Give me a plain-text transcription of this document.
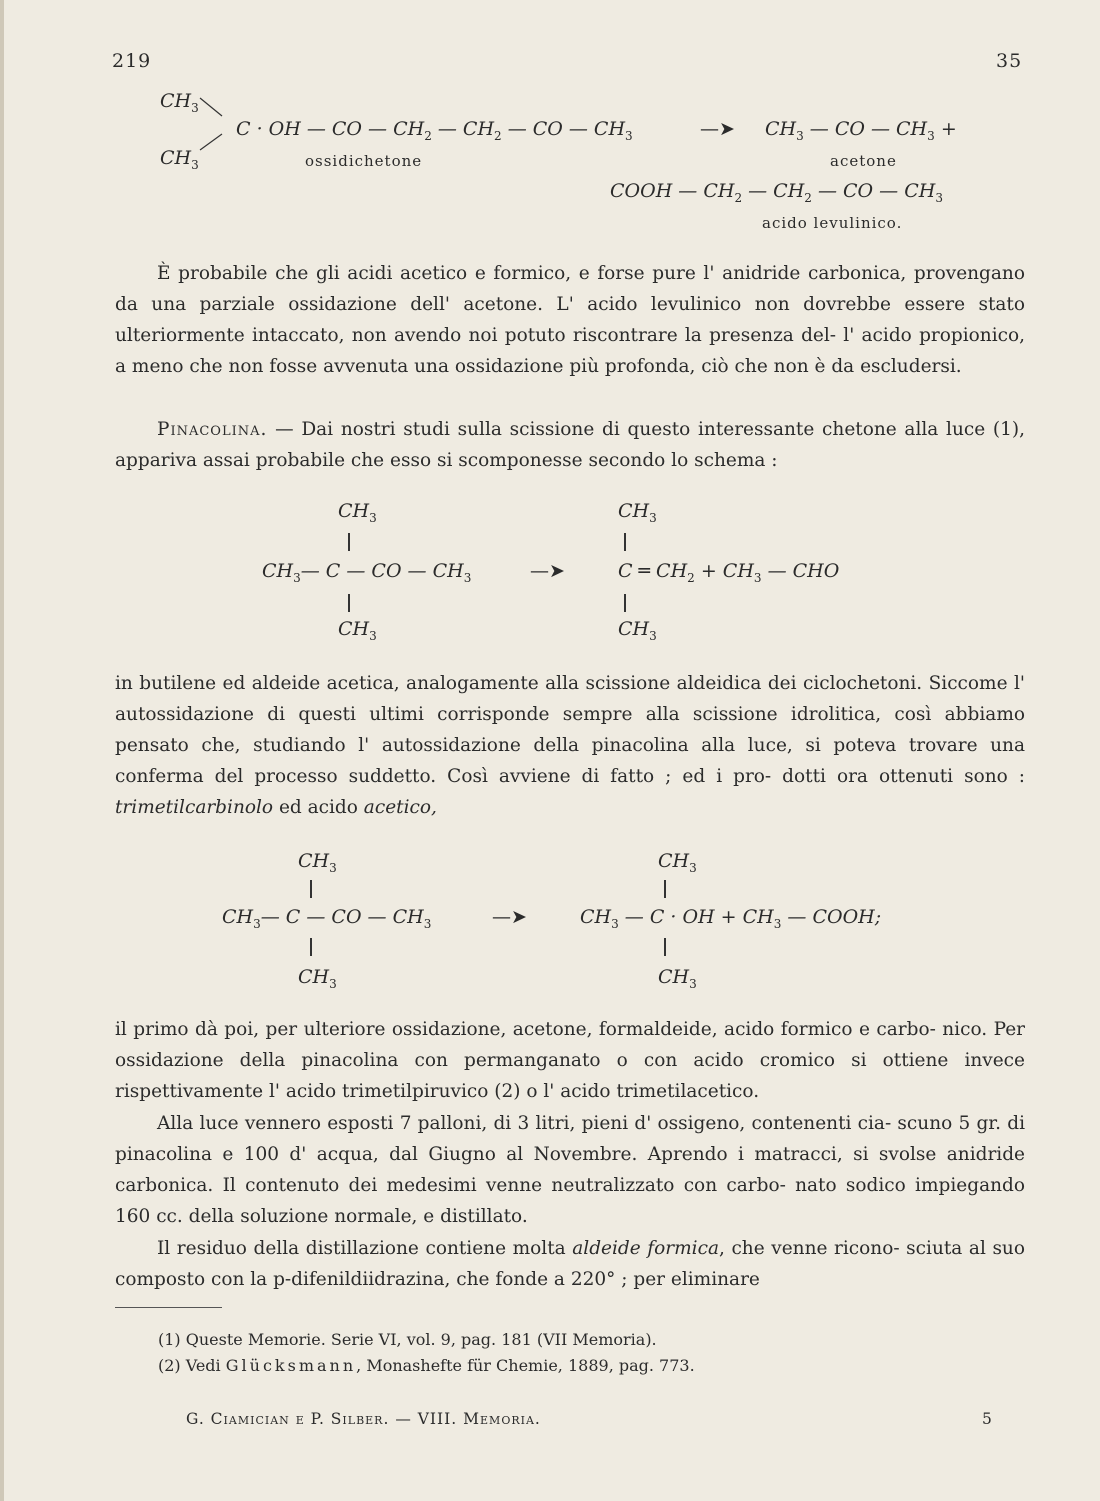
219	35
$CH_3$
$CH_3$
C · OH — CO — $CH_2$ — $CH_2$ — CO — $CH_3$	—➤ $CH_3$ — CO — $CH_3$ +
ossidichetone	acetone
COOH — $CH_2$ — $CH_2$ — CO — $CH_3$
acido levulinico.

È probabile che gli acidi acetico e formico, e forse pure l' anidride carbonica, provengano da una parziale ossidazione dell' acetone. L' acido levulinico non dovrebbe essere stato ulteriormente intaccato, non avendo noi potuto riscontrare la presenza del- l' acido propionico, a meno che non fosse avvenuta una ossidazione più profonda, ciò che non è da escludersi.

Pinacolina. — Dai nostri studi sulla scissione di questo interessante chetone alla luce (1), appariva assai probabile che esso si scomponesse secondo lo schema :

$CH_3$
$CH_3—$ C — CO — $CH_3$
$CH_3$
—➤
$CH_3$
C ═ $CH_2 + CH_3$ — CHO
$CH_3$

in butilene ed aldeide acetica, analogamente alla scissione aldeidica dei ciclochetoni. Siccome l' autossidazione di questi ultimi corrisponde sempre alla scissione idrolitica, così abbiamo pensato che, studiando l' autossidazione della pinacolina alla luce, si poteva trovare una conferma del processo suddetto. Così avviene di fatto ; ed i pro- dotti ora ottenuti sono : trimetilcarbinolo ed acido acetico,

$CH_3$
$CH_3—$ C — CO — $CH_3$
$CH_3$
—➤
$CH_3$
$CH_3$ — C · OH + $CH_3$ — COOH;
$CH_3$

il primo dà poi, per ulteriore ossidazione, acetone, formaldeide, acido formico e carbo- nico. Per ossidazione della pinacolina con permanganato o con acido cromico si ottiene invece rispettivamente l' acido trimetilpiruvico (2) o l' acido trimetilacetico.

Alla luce vennero esposti 7 palloni, di 3 litri, pieni d' ossigeno, contenenti cia- scuno 5 gr. di pinacolina e 100 d' acqua, dal Giugno al Novembre. Aprendo i matracci, si svolse anidride carbonica. Il contenuto dei medesimi venne neutralizzato con carbo- nato sodico impiegando 160 cc. della soluzione normale, e distillato.

Il residuo della distillazione contiene molta aldeide formica, che venne ricono- sciuta al suo composto con la p-difenildiidrazina, che fonde a 220° ; per eliminare

(1) Queste Memorie. Serie VI, vol. 9, pag. 181 (VII Memoria).
(2) Vedi Glücksmann, Monashefte für Chemie, 1889, pag. 773.
G. Ciamician e P. Silber. — VIII. Memoria.	5
